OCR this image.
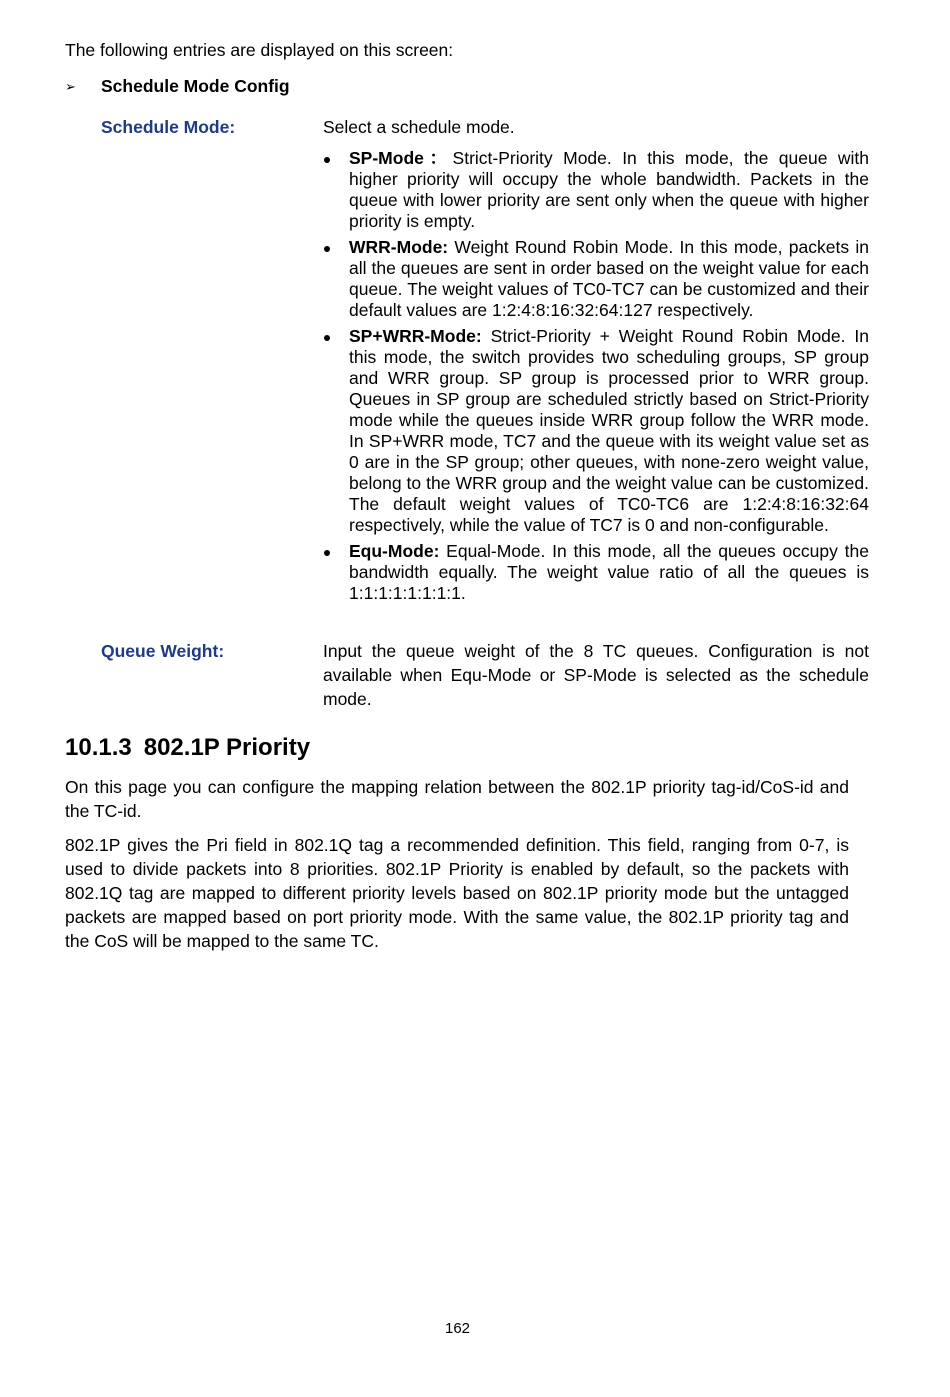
The following entries are displayed on this screen:
➢ Schedule Mode Config
Schedule Mode:	Select a schedule mode.
SP-Mode：Strict-Priority Mode. In this mode, the queue with higher priority will occupy the whole bandwidth. Packets in the queue with lower priority are sent only when the queue with higher priority is empty.
WRR-Mode: Weight Round Robin Mode. In this mode, packets in all the queues are sent in order based on the weight value for each queue. The weight values of TC0-TC7 can be customized and their default values are 1:2:4:8:16:32:64:127 respectively.
SP+WRR-Mode: Strict-Priority + Weight Round Robin Mode. In this mode, the switch provides two scheduling groups, SP group and WRR group. SP group is processed prior to WRR group. Queues in SP group are scheduled strictly based on Strict-Priority mode while the queues inside WRR group follow the WRR mode. In SP+WRR mode, TC7 and the queue with its weight value set as 0 are in the SP group; other queues, with none-zero weight value, belong to the WRR group and the weight value can be customized. The default weight values of TC0-TC6 are 1:2:4:8:16:32:64 respectively, while the value of TC7 is 0 and non-configurable.
Equ-Mode: Equal-Mode. In this mode, all the queues occupy the bandwidth equally. The weight value ratio of all the queues is 1:1:1:1:1:1:1:1.
Queue Weight:	Input the queue weight of the 8 TC queues. Configuration is not available when Equ-Mode or SP-Mode is selected as the schedule mode.
10.1.3 802.1P Priority
On this page you can configure the mapping relation between the 802.1P priority tag-id/CoS-id and the TC-id.
802.1P gives the Pri field in 802.1Q tag a recommended definition. This field, ranging from 0-7, is used to divide packets into 8 priorities. 802.1P Priority is enabled by default, so the packets with 802.1Q tag are mapped to different priority levels based on 802.1P priority mode but the untagged packets are mapped based on port priority mode. With the same value, the 802.1P priority tag and the CoS will be mapped to the same TC.
162
